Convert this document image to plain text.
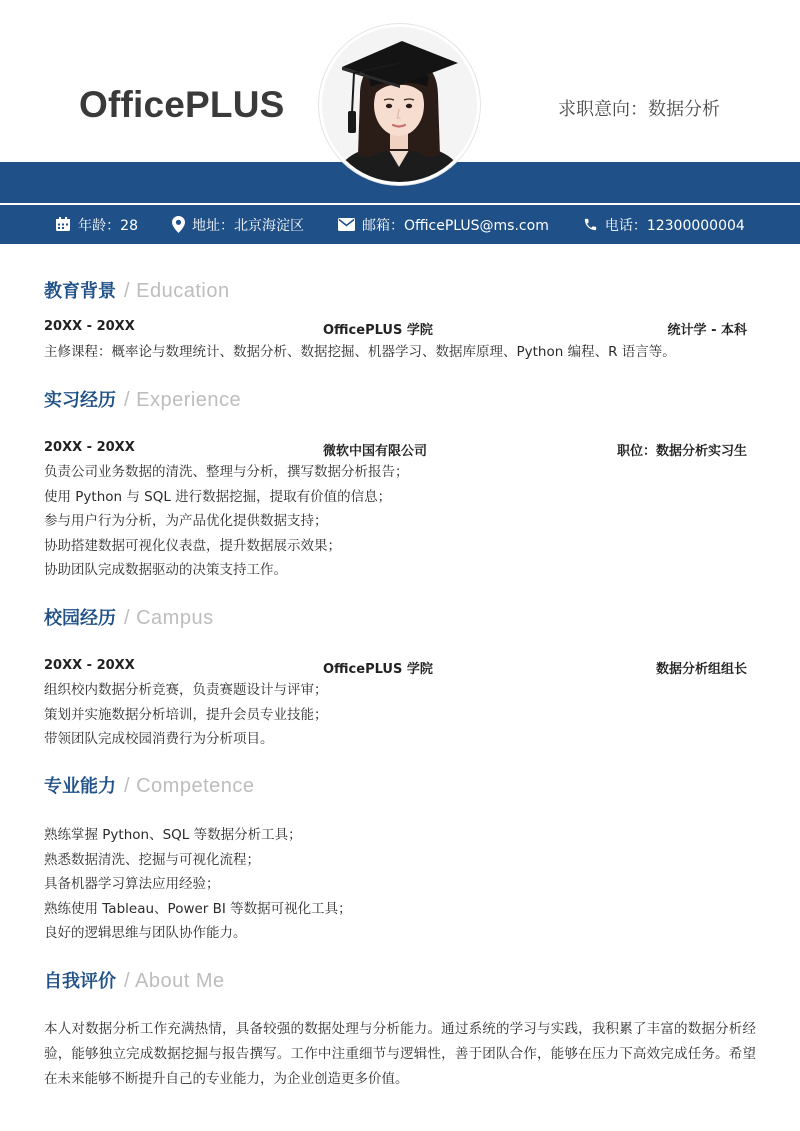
OfficePLUS	求职意向：数据分析
年龄：28	地址：北京海淀区	邮箱：OfficePLUS@ms.com	电话：12300000004
教育背景 / Education
20XX - 20XX	OfficePLUS 学院	统计学 - 本科
主修课程：概率论与数理统计、数据分析、数据挖掘、机器学习、数据库原理、Python 编程、R 语言等。
实习经历 / Experience
20XX - 20XX	微软中国有限公司	职位：数据分析实习生
负责公司业务数据的清洗、整理与分析，撰写数据分析报告；
使用 Python 与 SQL 进行数据挖掘，提取有价值的信息；
参与用户行为分析，为产品优化提供数据支持；
协助搭建数据可视化仪表盘，提升数据展示效果；
协助团队完成数据驱动的决策支持工作。
校园经历 / Campus
20XX - 20XX	OfficePLUS 学院	数据分析组组长
组织校内数据分析竞赛，负责赛题设计与评审；
策划并实施数据分析培训，提升会员专业技能；
带领团队完成校园消费行为分析项目。
专业能力 / Competence
熟练掌握 Python、SQL 等数据分析工具；
熟悉数据清洗、挖掘与可视化流程；
具备机器学习算法应用经验；
熟练使用 Tableau、Power BI 等数据可视化工具；
良好的逻辑思维与团队协作能力。
自我评价 / About Me
本人对数据分析工作充满热情，具备较强的数据处理与分析能力。通过系统的学习与实践，我积累了丰富的数据分析经验，能够独立完成数据挖掘与报告撰写。工作中注重细节与逻辑性，善于团队合作，能够在压力下高效完成任务。希望在未来能够不断提升自己的专业能力，为企业创造更多价值。
